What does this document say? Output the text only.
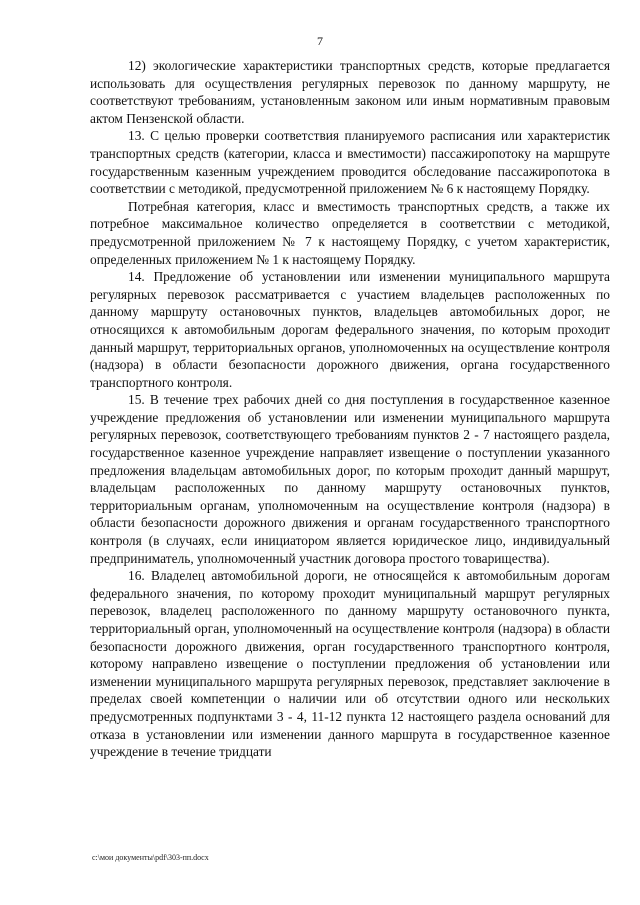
7

12) экологические характеристики транспортных средств, которые предлагается использовать для осуществления регулярных перевозок по данному маршруту, не соответствуют требованиям, установленным законом или иным нормативным правовым актом Пензенской области.

13. С целью проверки соответствия планируемого расписания или характеристик транспортных средств (категории, класса и вместимости) пассажиропотоку на маршруте государственным казенным учреждением проводится обследование пассажиропотока в соответствии с методикой, предусмотренной приложением № 6 к настоящему Порядку.

Потребная категория, класс и вместимость транспортных средств, а также их потребное максимальное количество определяется в соответствии с методикой, предусмотренной приложением № 7 к настоящему Порядку, с учетом характеристик, определенных приложением № 1 к настоящему Порядку.

14. Предложение об установлении или изменении муниципального маршрута регулярных перевозок рассматривается с участием владельцев расположенных по данному маршруту остановочных пунктов, владельцев автомобильных дорог, не относящихся к автомобильным дорогам федерального значения, по которым проходит данный маршрут, территориальных органов, уполномоченных на осуществление контроля (надзора) в области безопасности дорожного движения, органа государственного транспортного контроля.

15. В течение трех рабочих дней со дня поступления в государственное казенное учреждение предложения об установлении или изменении муниципального маршрута регулярных перевозок, соответствующего требованиям пунктов 2 - 7 настоящего раздела, государственное казенное учреждение направляет извещение о поступлении указанного предложения владельцам автомобильных дорог, по которым проходит данный маршрут, владельцам расположенных по данному маршруту остановочных пунктов, территориальным органам, уполномоченным на осуществление контроля (надзора) в области безопасности дорожного движения и органам государственного транспортного контроля (в случаях, если инициатором является юридическое лицо, индивидуальный предприниматель, уполномоченный участник договора простого товарищества).

16. Владелец автомобильной дороги, не относящейся к автомобильным дорогам федерального значения, по которому проходит муниципальный маршрут регулярных перевозок, владелец расположенного по данному маршруту остановочного пункта, территориальный орган, уполномоченный на осуществление контроля (надзора) в области безопасности дорожного движения, орган государственного транспортного контроля, которому направлено извещение о поступлении предложения об установлении или изменении муниципального маршрута регулярных перевозок, представляет заключение в пределах своей компетенции о наличии или об отсутствии одного или нескольких предусмотренных подпунктами 3 - 4, 11-12 пункта 12 настоящего раздела оснований для отказа в установлении или изменении данного маршрута в государственное казенное учреждение в течение тридцати

c:\мои документы\pdf\303-пп.docx
